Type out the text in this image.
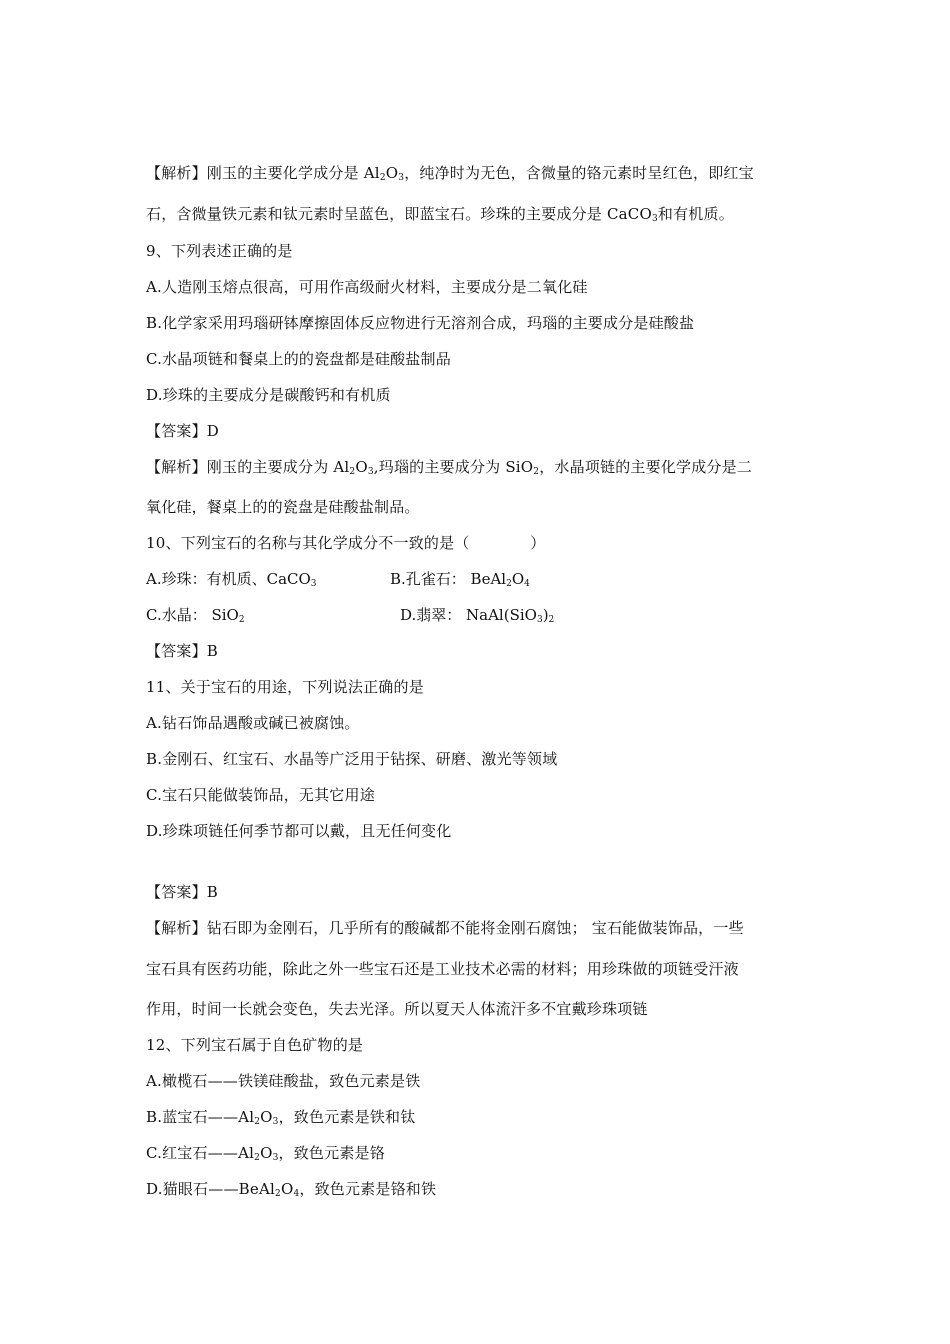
【解析】刚玉的主要化学成分是 $Al_2O_3$，纯净时为无色，含微量的铬元素时呈红色，即红宝
石，含微量铁元素和钛元素时呈蓝色，即蓝宝石。珍珠的主要成分是 CaCO$_3$和有机质。
9、下列表述正确的是
A.人造刚玉熔点很高，可用作高级耐火材料，主要成分是二氧化硅
B.化学家采用玛瑙研钵摩擦固体反应物进行无溶剂合成，玛瑙的主要成分是硅酸盐
C.水晶项链和餐桌上的的瓷盘都是硅酸盐制品
D.珍珠的主要成分是碳酸钙和有机质
【答案】D
【解析】刚玉的主要成分为 $Al_2O_3$,玛瑙的主要成分为 SiO$_2$，水晶项链的主要化学成分是二
氧化硅，餐桌上的的瓷盘是硅酸盐制品。
10、下列宝石的名称与其化学成分不一致的是（　　　　）
A.珍珠：有机质、CaCO$_3$	B.孔雀石： $BeAl_2O_4$
C.水晶： SiO$_2$	D.翡翠： $NaAl(SiO_3)_2$
【答案】B
11、关于宝石的用途，下列说法正确的是
A.钻石饰品遇酸或碱已被腐蚀。
B.金刚石、红宝石、水晶等广泛用于钻探、研磨、激光等领域
C.宝石只能做装饰品，无其它用途
D.珍珠项链任何季节都可以戴，且无任何变化
【答案】B
【解析】钻石即为金刚石，几乎所有的酸碱都不能将金刚石腐蚀； 宝石能做装饰品，一些
宝石具有医药功能，除此之外一些宝石还是工业技术必需的材料；用珍珠做的项链受汗液
作用，时间一长就会变色，失去光泽。所以夏天人体流汗多不宜戴珍珠项链
12、下列宝石属于自色矿物的是
A.橄榄石——铁镁硅酸盐，致色元素是铁
B.蓝宝石$——Al_2O_3$，致色元素是铁和钛
C.红宝石$——Al_2O_3$，致色元素是铬
D.猫眼石$——BeAl_2O_4$，致色元素是铬和铁
